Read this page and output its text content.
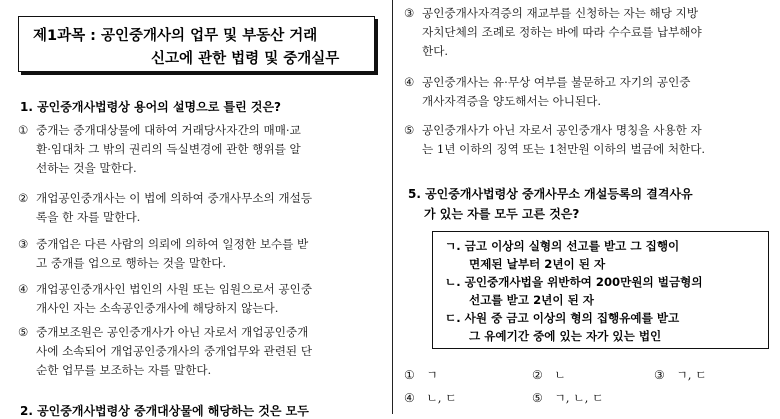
제1과목 : 공인중개사의 업무 및 부동산 거래
신고에 관한 법령 및 중개실무
1. 공인중개사법령상 용어의 설명으로 틀린 것은?
① 중개는 중개대상물에 대하여 거래당사자간의 매매·교
환·임대차 그 밖의 권리의 득실변경에 관한 행위를 알
선하는 것을 말한다.
② 개업공인중개사는 이 법에 의하여 중개사무소의 개설등
록을 한 자를 말한다.
③ 중개업은 다른 사람의 의뢰에 의하여 일정한 보수를 받
고 중개를 업으로 행하는 것을 말한다.
④ 개업공인중개사인 법인의 사원 또는 임원으로서 공인중
개사인 자는 소속공인중개사에 해당하지 않는다.
⑤ 중개보조원은 공인중개사가 아닌 자로서 개업공인중개
사에 소속되어 개업공인중개사의 중개업무와 관련된 단
순한 업무를 보조하는 자를 말한다.
2. 공인중개사법령상 중개대상물에 해당하는 것은 모두
③ 공인중개사자격증의 재교부를 신청하는 자는 해당 지방
자치단체의 조례로 정하는 바에 따라 수수료를 납부해야
한다.
④ 공인중개사는 유·무상 여부를 불문하고 자기의 공인중
개사자격증을 양도해서는 아니된다.
⑤ 공인중개사가 아닌 자로서 공인중개사 명칭을 사용한 자
는 1년 이하의 징역 또는 1천만원 이하의 벌금에 처한다.
5. 공인중개사법령상 중개사무소 개설등록의 결격사유
가 있는 자를 모두 고른 것은?
ㄱ. 금고 이상의 실형의 선고를 받고 그 집행이
면제된 날부터 2년이 된 자
ㄴ. 공인중개사법을 위반하여 200만원의 벌금형의
선고를 받고 2년이 된 자
ㄷ. 사원 중 금고 이상의 형의 집행유예를 받고
그 유예기간 중에 있는 자가 있는 법인
① ㄱ	② ㄴ	③ ㄱ, ㄷ
④ ㄴ, ㄷ	⑤ ㄱ, ㄴ, ㄷ
